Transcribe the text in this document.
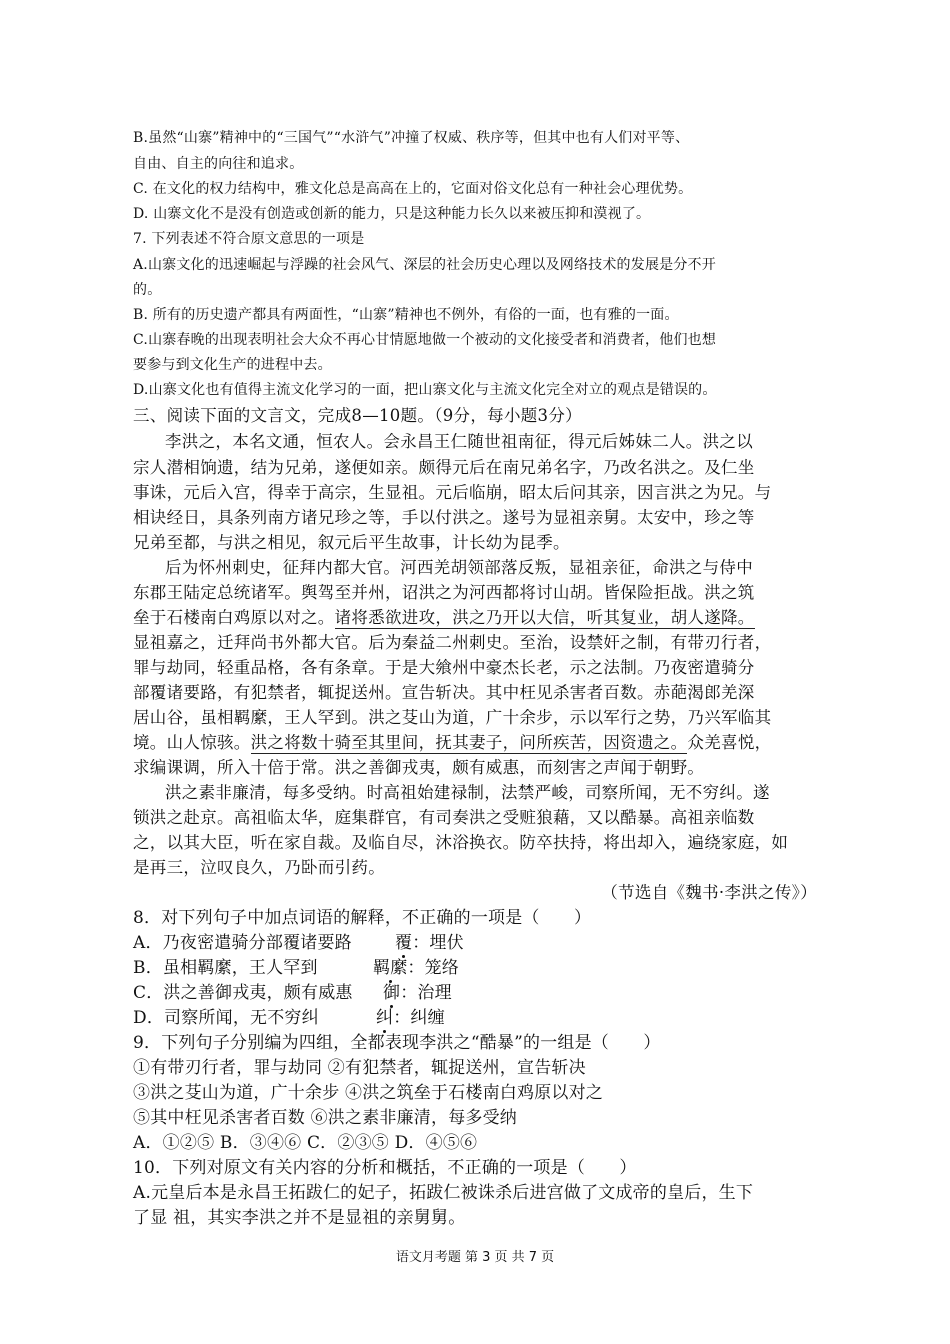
B.虽然“山寨”精神中的“三国气”“水浒气”冲撞了权威、秩序等，但其中也有人们对平等、
自由、自主的向往和追求。
C. 在文化的权力结构中，雅文化总是高高在上的，它面对俗文化总有一种社会心理优势。
D. 山寨文化不是没有创造或创新的能力，只是这种能力长久以来被压抑和漠视了。
7. 下列表述不符合原文意思的一项是
A.山寨文化的迅速崛起与浮躁的社会风气、深层的社会历史心理以及网络技术的发展是分不开
的。
B. 所有的历史遗产都具有两面性，“山寨”精神也不例外，有俗的一面，也有雅的一面。
C.山寨春晚的出现表明社会大众不再心甘情愿地做一个被动的文化接受者和消费者，他们也想
要参与到文化生产的进程中去。
D.山寨文化也有值得主流文化学习的一面，把山寨文化与主流文化完全对立的观点是错误的。
三、阅读下面的文言文，完成8—10题。（9分，每小题3分）
李洪之，本名文通，恒农人。会永昌王仁随世祖南征，得元后姊妹二人。洪之以
宗人潜相饷遗，结为兄弟，遂便如亲。颇得元后在南兄弟名字，乃改名洪之。及仁坐
事诛，元后入宫，得幸于高宗，生显祖。元后临崩，昭太后问其亲，因言洪之为兄。与
相诀经日，具条列南方诸兄珍之等，手以付洪之。遂号为显祖亲舅。太安中，珍之等
兄弟至都，与洪之相见，叙元后平生故事，计长幼为昆季。
后为怀州刺史，征拜内都大官。河西羌胡领部落反叛，显祖亲征，命洪之与侍中
东郡王陆定总统诸军。舆驾至并州，诏洪之为河西都将讨山胡。皆保险拒战。洪之筑
垒于石楼南白鸡原以对之。诸将悉欲进攻，洪之乃开以大信，听其复业，胡人遂降。
显祖嘉之，迁拜尚书外都大官。后为秦益二州刺史。至治，设禁奸之制，有带刃行者，
罪与劫同，轻重品格，各有条章。于是大飨州中豪杰长老，示之法制。乃夜密遣骑分
部覆诸要路，有犯禁者，辄捉送州。宣告斩决。其中枉见杀害者百数。赤葩渴郎羌深
居山谷，虽相羁縻，王人罕到。洪之芟山为道，广十余步，示以军行之势，乃兴军临其
境。山人惊骇。洪之将数十骑至其里间，抚其妻子，问所疾苦，因资遗之。众羌喜悦，
求编课调，所入十倍于常。洪之善御戎夷，颇有威惠，而刻害之声闻于朝野。
洪之素非廉清，每多受纳。时高祖始建禄制，法禁严峻，司察所闻，无不穷纠。遂
锁洪之赴京。高祖临太华，庭集群官，有司奏洪之受赃狼藉，又以酷暴。高祖亲临数
之，以其大臣，听在家自裁。及临自尽，沐浴换衣。防卒扶持，将出却入，遍绕家庭，如
是再三，泣叹良久，乃卧而引药。
（节选自《魏书·李洪之传》）
8．对下列句子中加点词语的解释，不正确的一项是（　　）
A．乃夜密遣骑分部覆诸要路	覆：埋伏
B．虽相羁縻，王人罕到	羁縻：笼络
C．洪之善御戎夷，颇有威惠 御：治理
D．司察所闻，无不穷纠	纠：纠缠
9．下列句子分别编为四组，全都表现李洪之“酷暴”的一组是（　　）
①有带刃行者，罪与劫同 ②有犯禁者，辄捉送州，宣告斩决
③洪之芟山为道，广十余步 ④洪之筑垒于石楼南白鸡原以对之
⑤其中枉见杀害者百数 ⑥洪之素非廉清，每多受纳
A．①②⑤ B．③④⑥ C．②③⑤ D．④⑤⑥
10．下列对原文有关内容的分析和概括，不正确的一项是（　　）
A.元皇后本是永昌王拓跋仁的妃子，拓跋仁被诛杀后进宫做了文成帝的皇后，生下
了显 祖，其实李洪之并不是显祖的亲舅舅。
语文月考题 第 3 页 共 7 页
